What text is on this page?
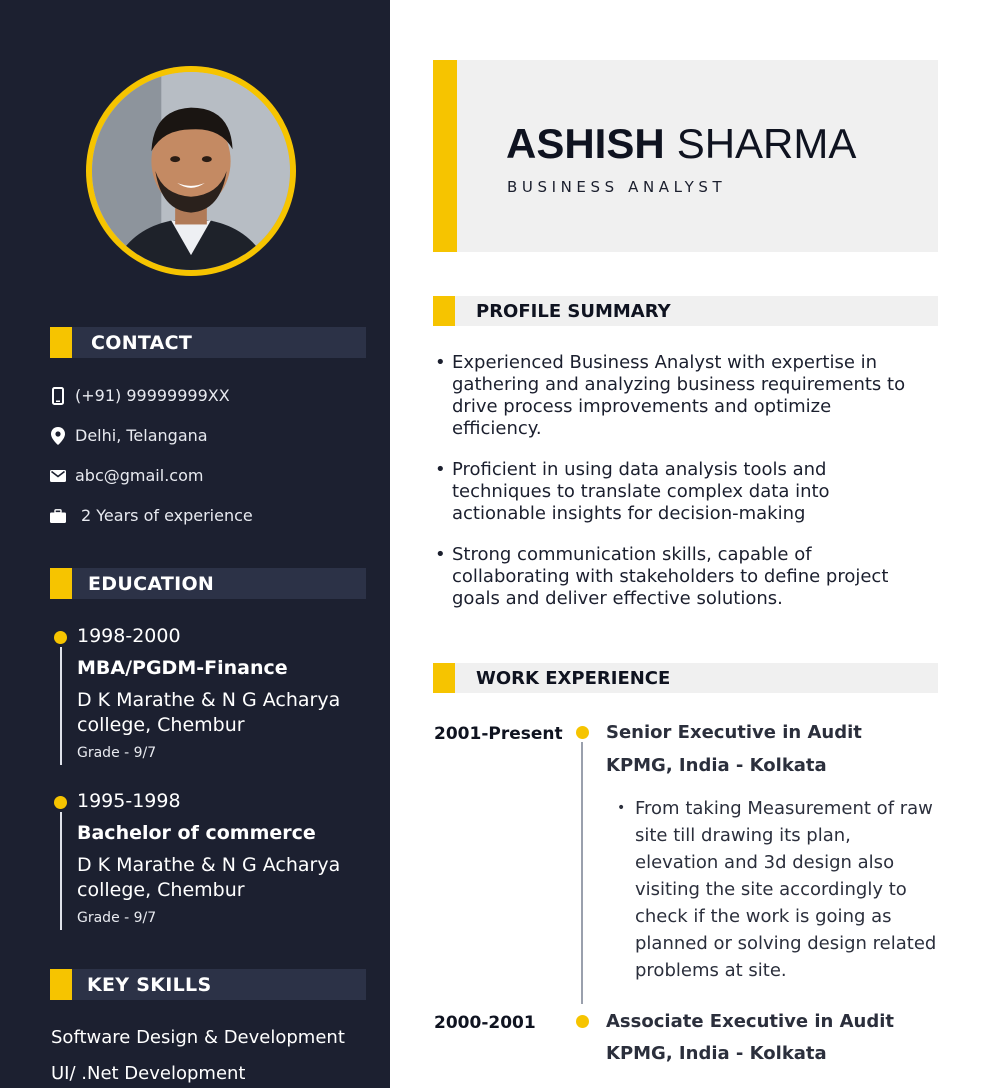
CONTACT
(+91) 99999999XX
Delhi, Telangana
abc@gmail.com
2 Years of experience
EDUCATION
1998-2000
MBA/PGDM-Finance
D K Marathe & N G Acharya college, Chembur
Grade - 9/7
1995-1998
Bachelor of commerce
D K Marathe & N G Acharya college, Chembur
Grade - 9/7
KEY SKILLS
Software Design & Development
UI/ .Net Development
ASHISH SHARMA
BUSINESS ANALYST
PROFILE SUMMARY
• Experienced Business Analyst with expertise in gathering and analyzing business requirements to drive process improvements and optimize efficiency.
• Proficient in using data analysis tools and techniques to translate complex data into actionable insights for decision-making
• Strong communication skills, capable of collaborating with stakeholders to define project goals and deliver effective solutions.
WORK EXPERIENCE
2001-Present Senior Executive in Audit
KPMG, India - Kolkata
• From taking Measurement of raw site till drawing its plan, elevation and 3d design also visiting the site accordingly to check if the work is going as planned or solving design related problems at site.
2000-2001	Associate Executive in Audit
KPMG, India - Kolkata
